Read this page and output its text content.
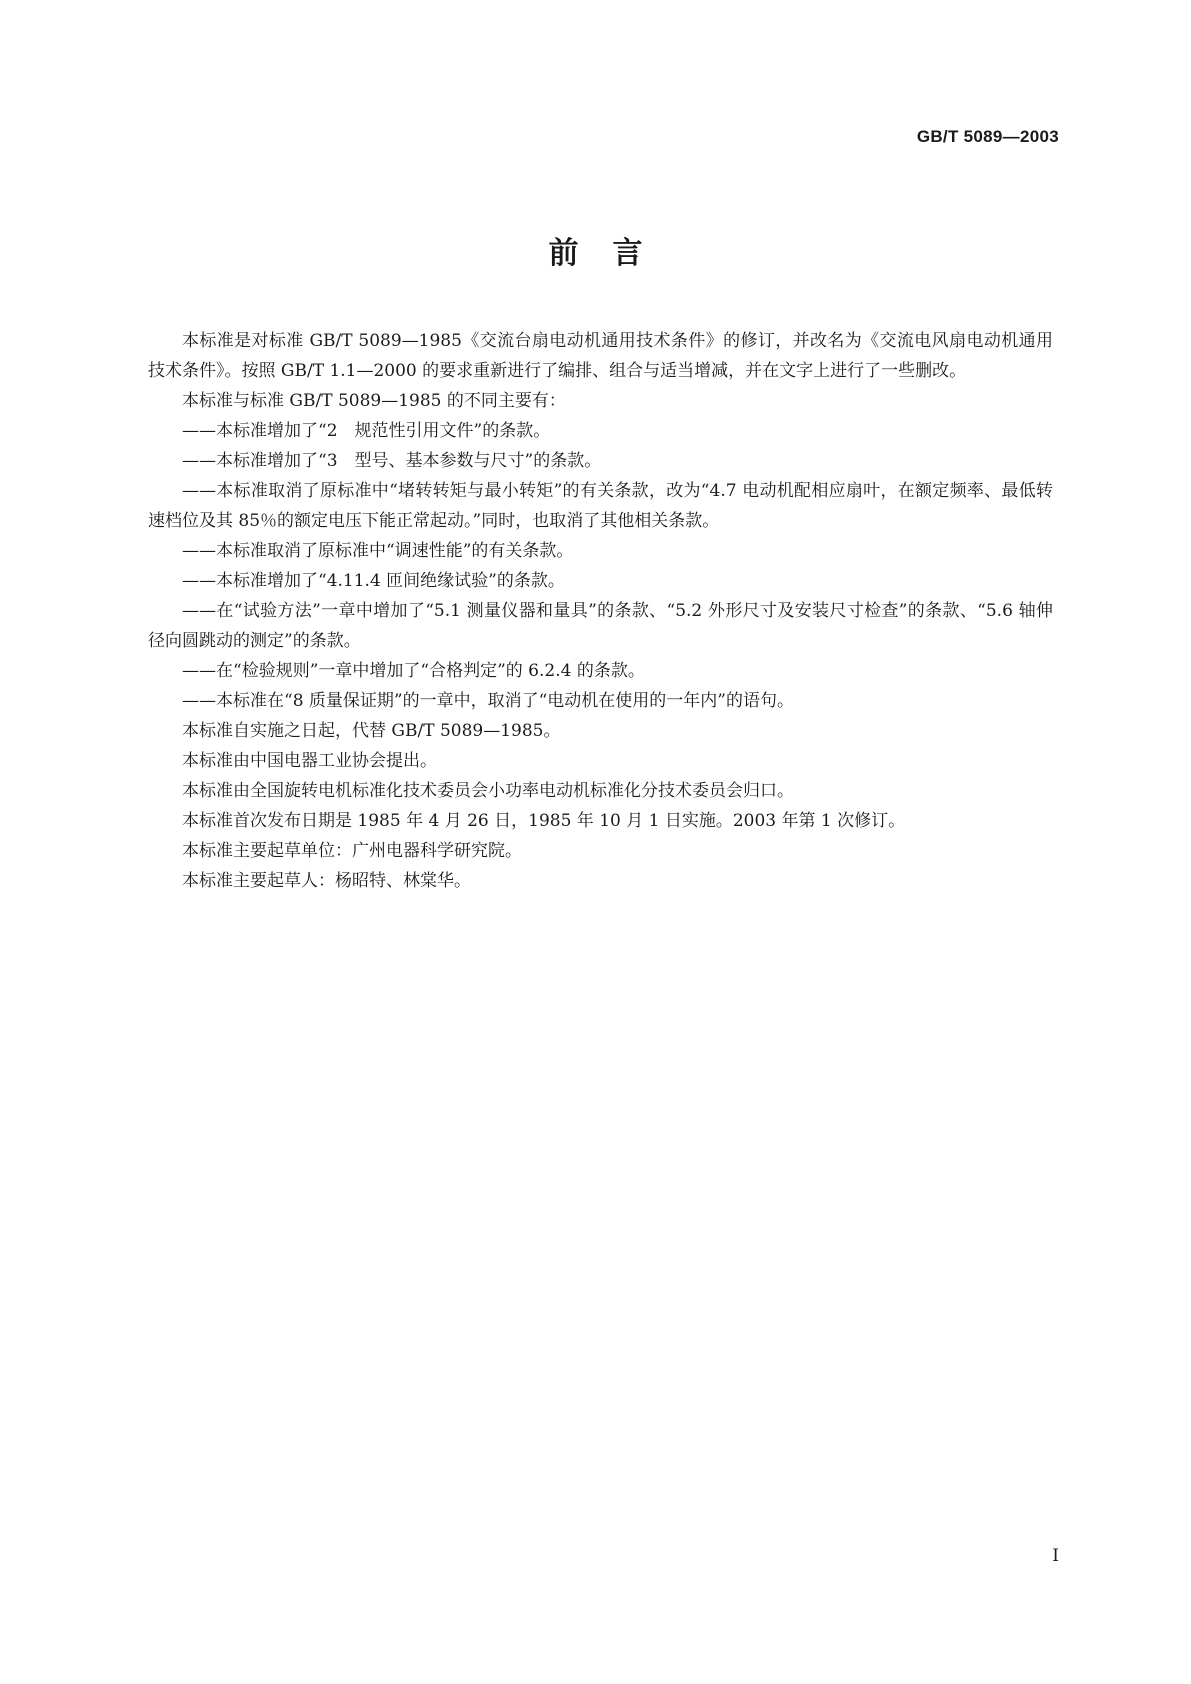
GB/T 5089—2003
前言

本标准是对标准 GB/T 5089—1985《交流台扇电动机通用技术条件》的修订，并改名为《交流电风扇电动机通用技术条件》。按照 GB/T 1.1—2000 的要求重新进行了编排、组合与适当增减，并在文字上进行了一些删改。

本标准与标准 GB/T 5089—1985 的不同主要有：

——本标准增加了“2　规范性引用文件”的条款。

——本标准增加了“3　型号、基本参数与尺寸”的条款。

——本标准取消了原标准中“堵转转矩与最小转矩”的有关条款，改为“4.7 电动机配相应扇叶，在额定频率、最低转速档位及其 85％的额定电压下能正常起动。”同时，也取消了其他相关条款。

——本标准取消了原标准中“调速性能”的有关条款。

——本标准增加了“4.11.4 匝间绝缘试验”的条款。

——在“试验方法”一章中增加了“5.1 测量仪器和量具”的条款、“5.2 外形尺寸及安装尺寸检查”的条款、“5.6 轴伸径向圆跳动的测定”的条款。

——在“检验规则”一章中增加了“合格判定”的 6.2.4 的条款。

——本标准在“8 质量保证期”的一章中，取消了“电动机在使用的一年内”的语句。

本标准自实施之日起，代替 GB/T 5089—1985。

本标准由中国电器工业协会提出。

本标准由全国旋转电机标准化技术委员会小功率电动机标准化分技术委员会归口。

本标准首次发布日期是 1985 年 4 月 26 日，1985 年 10 月 1 日实施。2003 年第 1 次修订。

本标准主要起草单位：广州电器科学研究院。

本标准主要起草人：杨昭特、林棠华。

I
